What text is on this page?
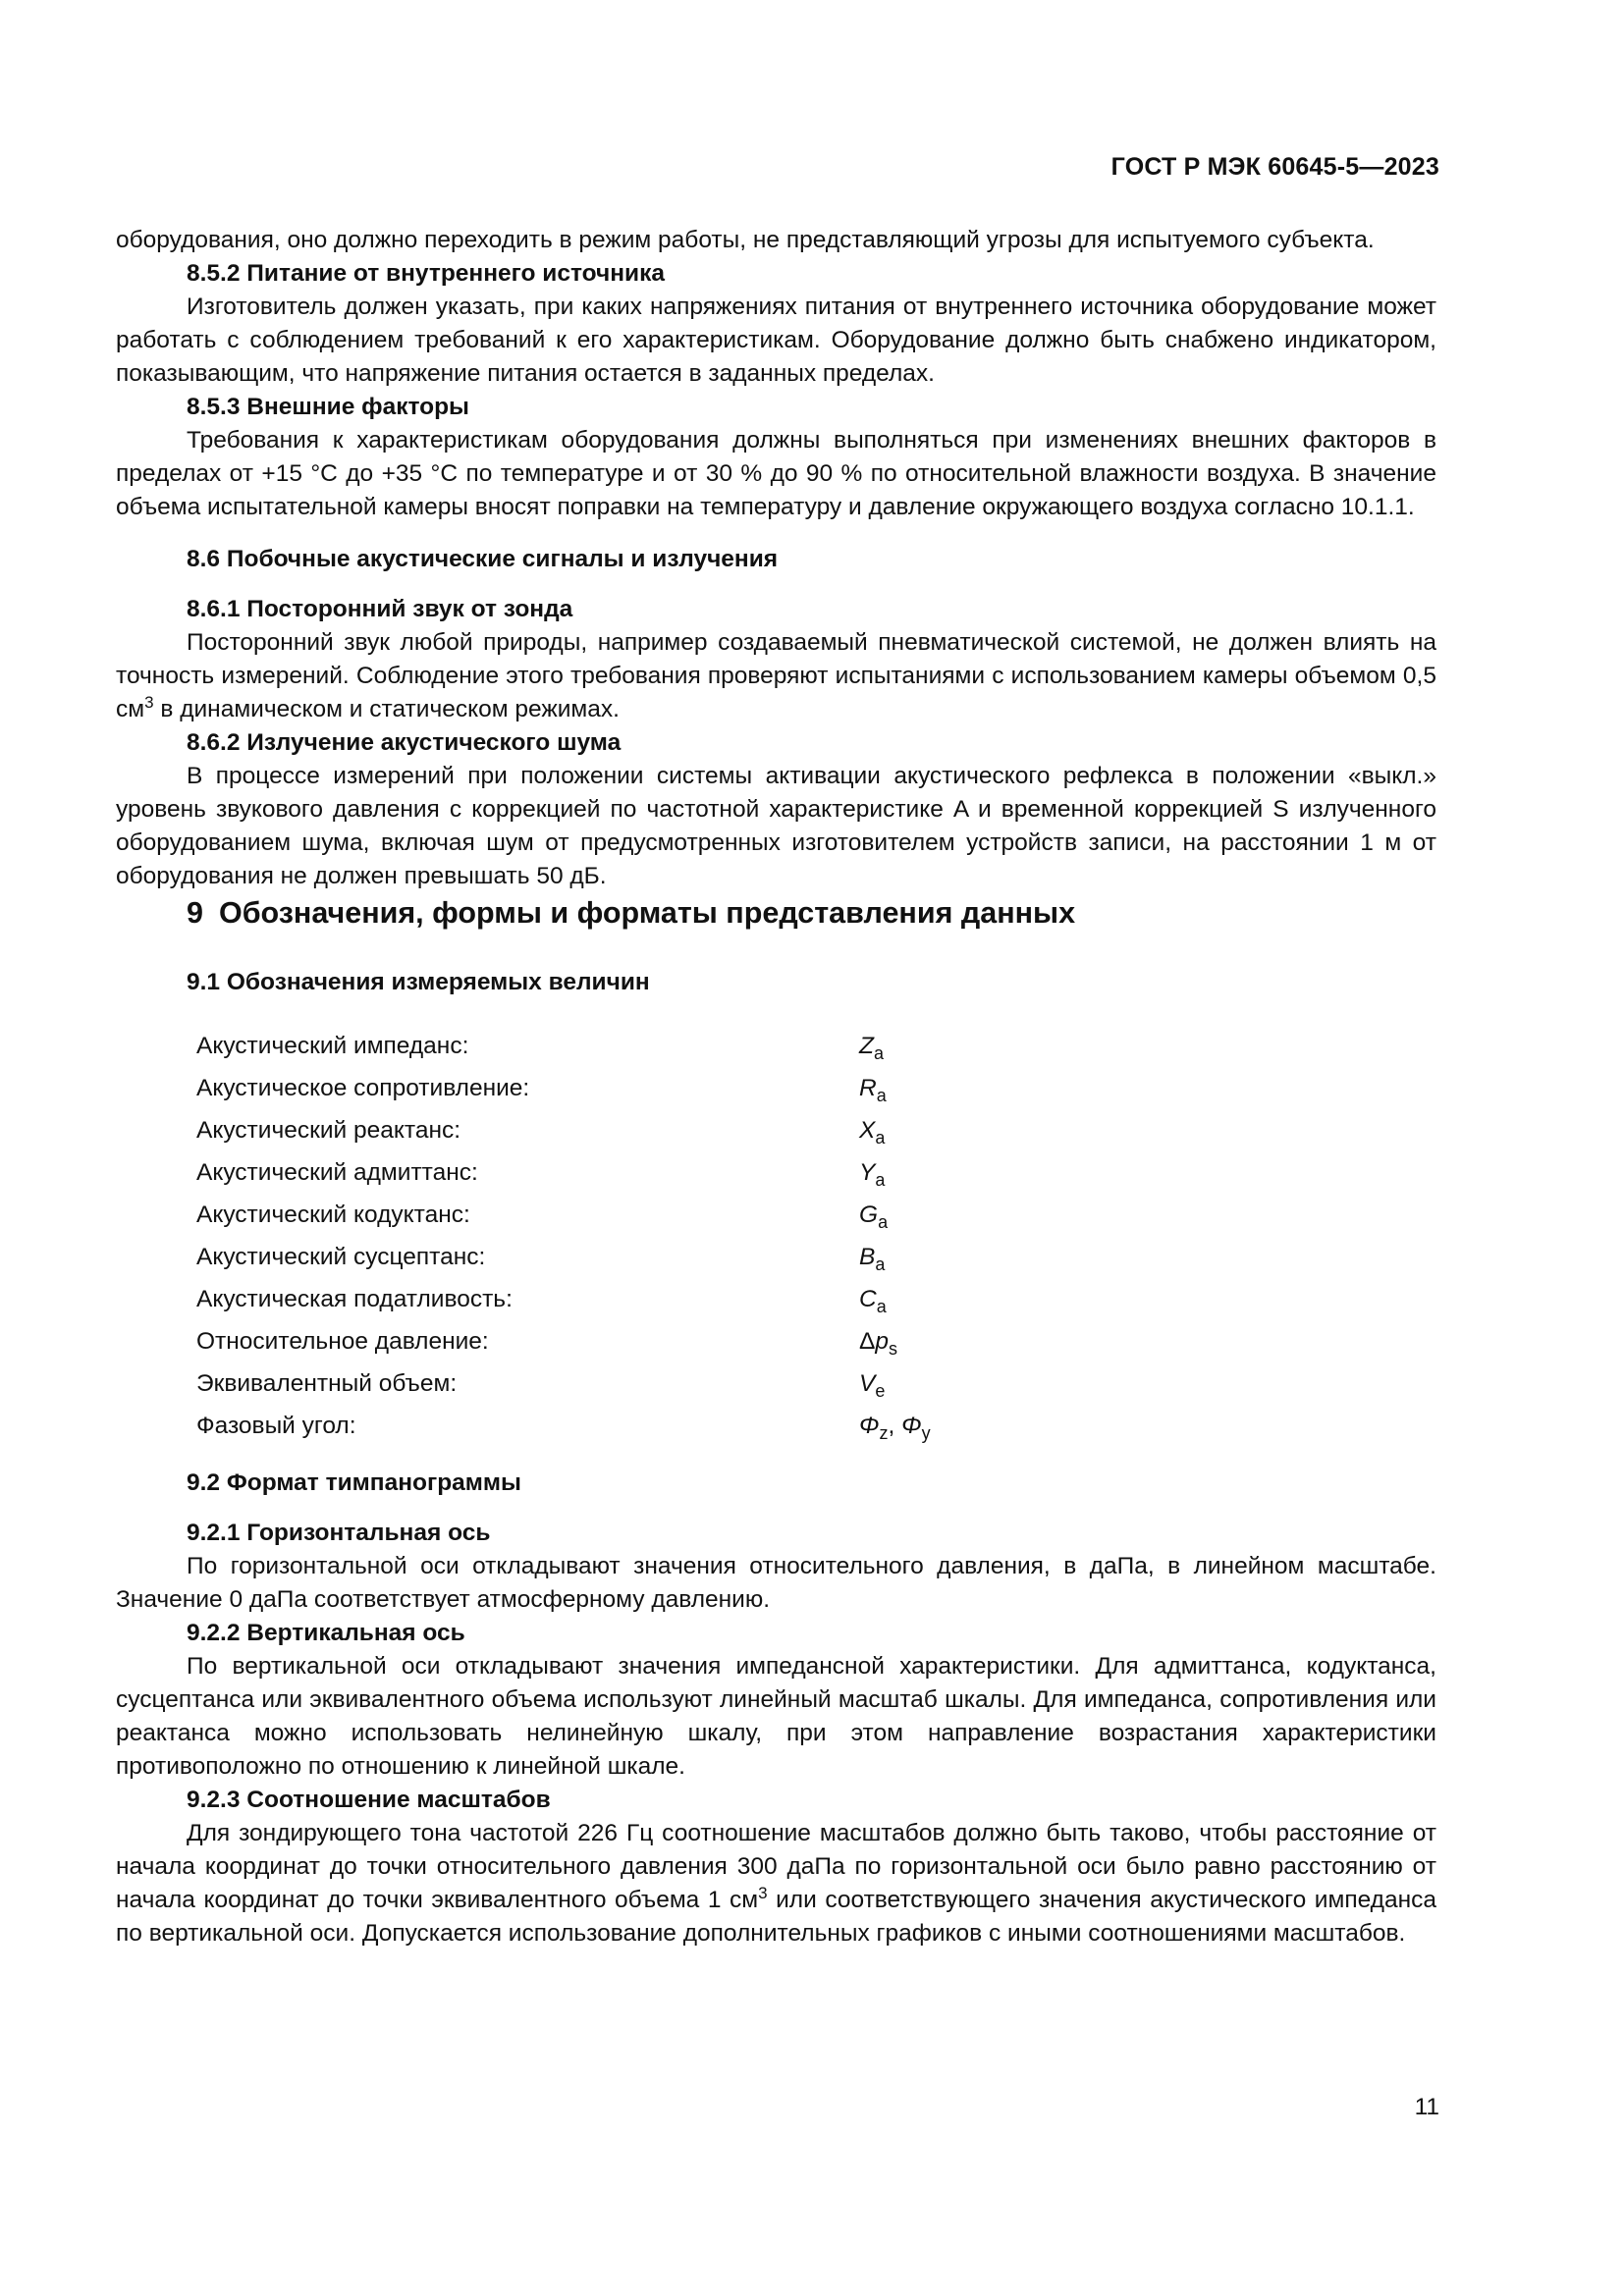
ГОСТ Р МЭК 60645-5—2023

оборудования, оно должно переходить в режим работы, не представляющий угрозы для испытуемого субъекта.

8.5.2 Питание от внутреннего источника

Изготовитель должен указать, при каких напряжениях питания от внутреннего источника оборудование может работать с соблюдением требований к его характеристикам. Оборудование должно быть снабжено индикатором, показывающим, что напряжение питания остается в заданных пределах.

8.5.3 Внешние факторы

Требования к характеристикам оборудования должны выполняться при изменениях внешних факторов в пределах от +15 °С до +35 °С по температуре и от 30 % до 90 % по относительной влажности воздуха. В значение объема испытательной камеры вносят поправки на температуру и давление окружающего воздуха согласно 10.1.1.

8.6 Побочные акустические сигналы и излучения

8.6.1 Посторонний звук от зонда

Посторонний звук любой природы, например создаваемый пневматической системой, не должен влиять на точность измерений. Соблюдение этого требования проверяют испытаниями с использованием камеры объемом 0,5 $см^3$ в динамическом и статическом режимах.

8.6.2 Излучение акустического шума

В процессе измерений при положении системы активации акустического рефлекса в положении «выкл.» уровень звукового давления с коррекцией по частотной характеристике A и временной коррекцией S излученного оборудованием шума, включая шум от предусмотренных изготовителем устройств записи, на расстоянии 1 м от оборудования не должен превышать 50 дБ.

9 Обозначения, формы и форматы представления данных

9.1 Обозначения измеряемых величин

Акустический импеданс:	$Z_a$
Акустическое сопротивление:	$R_a$
Акустический реактанс:	$X_a$
Акустический адмиттанс:	$Y_a$
Акустический кодуктанс:	$G_a$
Акустический сусцептанс:	$B_a$
Акустическая податливость:	$C_a$
Относительное давление:	$\Delta p_s$
Эквивалентный объем:	$V_e$
Фазовый угол:	$\Phi_z$, $\Phi_y$

9.2 Формат тимпанограммы

9.2.1 Горизонтальная ось

По горизонтальной оси откладывают значения относительного давления, в даПа, в линейном масштабе. Значение 0 даПа соответствует атмосферному давлению.

9.2.2 Вертикальная ось

По вертикальной оси откладывают значения импедансной характеристики. Для адмиттанса, кодуктанса, сусцептанса или эквивалентного объема используют линейный масштаб шкалы. Для импеданса, сопротивления или реактанса можно использовать нелинейную шкалу, при этом направление возрастания характеристики противоположно по отношению к линейной шкале.

9.2.3 Соотношение масштабов

Для зондирующего тона частотой 226 Гц соотношение масштабов должно быть таково, чтобы расстояние от начала координат до точки относительного давления 300 даПа по горизонтальной оси было равно расстоянию от начала координат до точки эквивалентного объема 1 $см^3$ или соответствующего значения акустического импеданса по вертикальной оси. Допускается использование дополнительных графиков с иными соотношениями масштабов.

11
